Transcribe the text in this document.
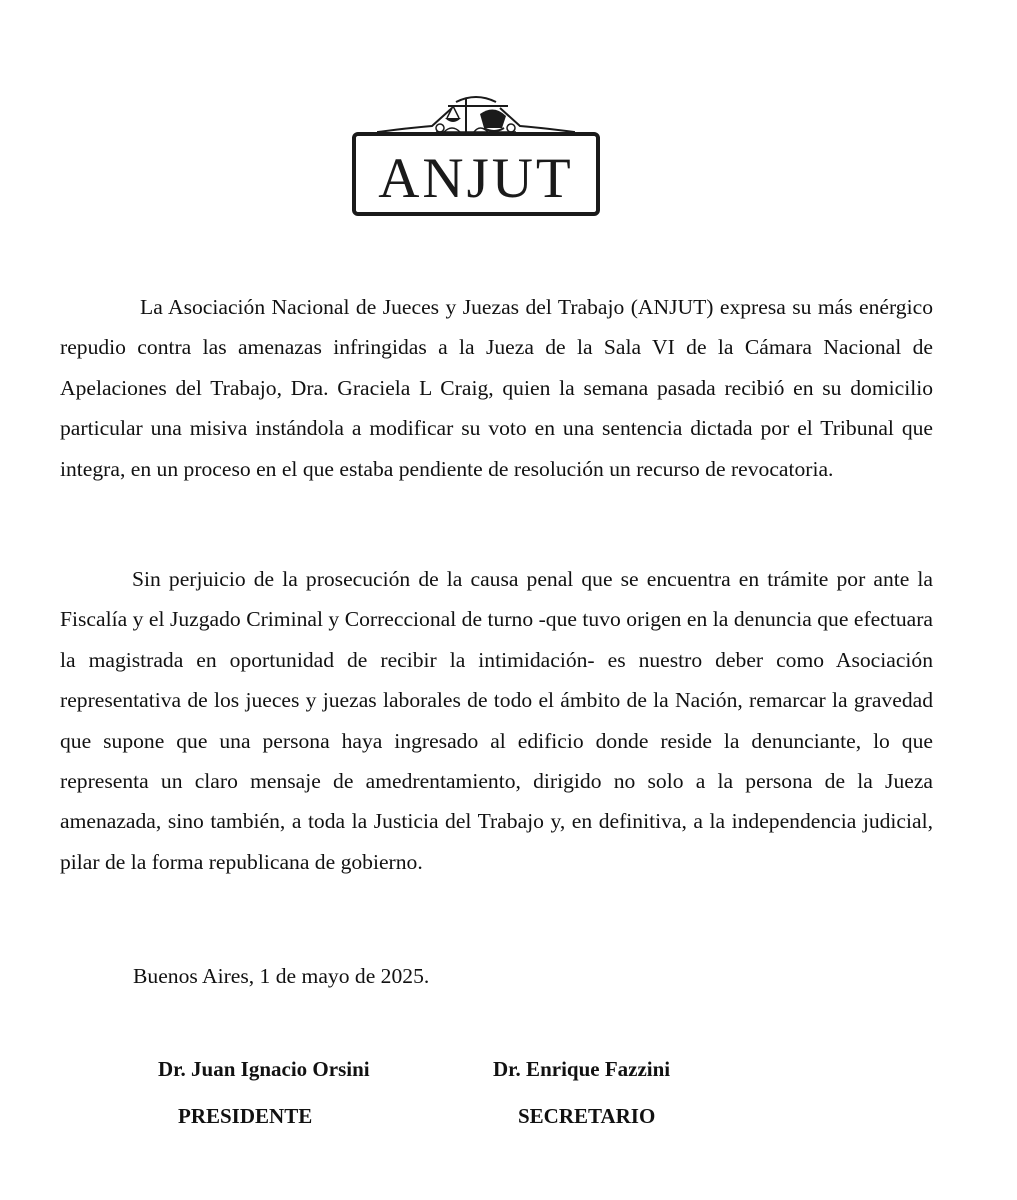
ANJUT

La Asociación Nacional de Jueces y Juezas del Trabajo (ANJUT) expresa su más enérgico repudio contra las amenazas infringidas a la Jueza de la Sala VI de la Cámara Nacional de Apelaciones del Trabajo, Dra. Graciela L Craig, quien la semana pasada recibió en su domicilio particular una misiva instándola a modificar su voto en una sentencia dictada por el Tribunal que integra, en un proceso en el que estaba pendiente de resolución un recurso de revocatoria.

Sin perjuicio de la prosecución de la causa penal que se encuentra en trámite por ante la Fiscalía y el Juzgado Criminal y Correccional de turno -que tuvo origen en la denuncia que efectuara la magistrada en oportunidad de recibir la intimidación- es nuestro deber como Asociación representativa de los jueces y juezas laborales de todo el ámbito de la Nación, remarcar la gravedad que supone que una persona haya ingresado al edificio donde reside la denunciante, lo que representa un claro mensaje de amedrentamiento, dirigido no solo a la persona de la Jueza amenazada, sino también, a toda la Justicia del Trabajo y, en definitiva, a la independencia judicial, pilar de la forma republicana de gobierno.

Buenos Aires, 1 de mayo de 2025.
Dr. Juan Ignacio Orsini
PRESIDENTE
Dr. Enrique Fazzini
SECRETARIO
